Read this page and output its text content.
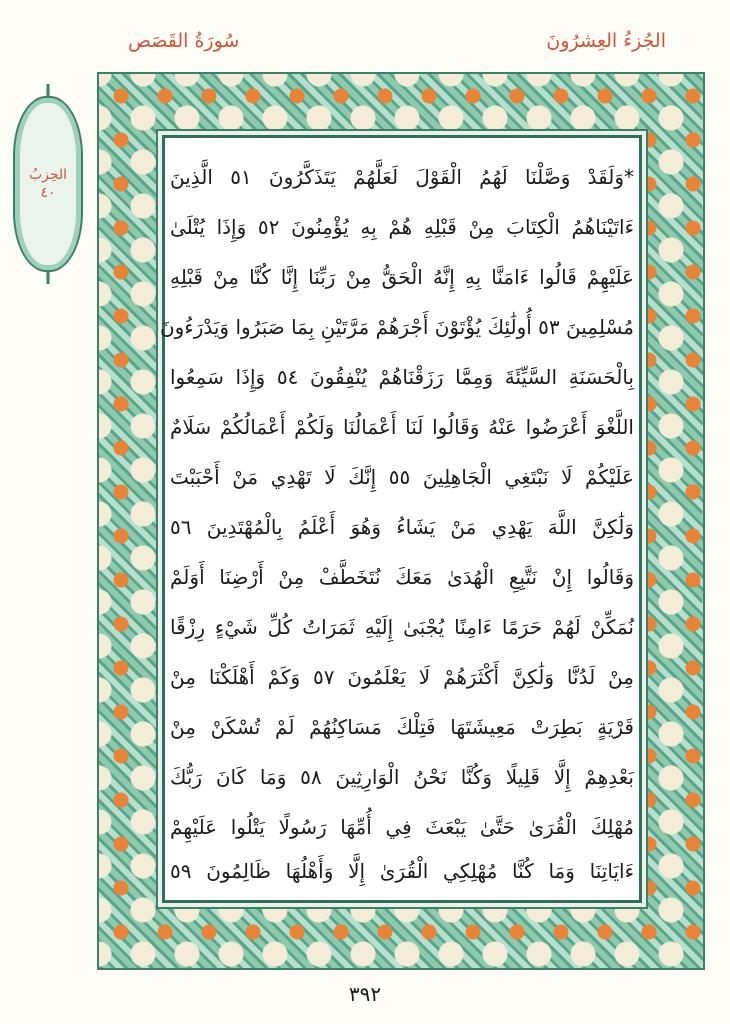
الجُزءُ العِشرُونَ
سُورَةُ القَصَص
الحِزبُ
٤٠
*وَلَقَدْ وَصَّلْنَا لَهُمُ الْقَوْلَ لَعَلَّهُمْ يَتَذَكَّرُونَ ٥١ الَّذِينَ
ءَاتَيْنَاهُمُ الْكِتَابَ مِنْ قَبْلِهِ هُمْ بِهِ يُؤْمِنُونَ ٥٢ وَإِذَا يُتْلَىٰ
عَلَيْهِمْ قَالُوا ءَامَنَّا بِهِ إِنَّهُ الْحَقُّ مِنْ رَبِّنَا إِنَّا كُنَّا مِنْ قَبْلِهِ
مُسْلِمِينَ ٥٣ أُولَٰئِكَ يُؤْتَوْنَ أَجْرَهُمْ مَرَّتَيْنِ بِمَا صَبَرُوا وَيَدْرَءُونَ
بِالْحَسَنَةِ السَّيِّئَةَ وَمِمَّا رَزَقْنَاهُمْ يُنْفِقُونَ ٥٤ وَإِذَا سَمِعُوا
اللَّغْوَ أَعْرَضُوا عَنْهُ وَقَالُوا لَنَا أَعْمَالُنَا وَلَكُمْ أَعْمَالُكُمْ سَلَامٌ
عَلَيْكُمْ لَا نَبْتَغِي الْجَاهِلِينَ ٥٥ إِنَّكَ لَا تَهْدِي مَنْ أَحْبَبْتَ
وَلَٰكِنَّ اللَّهَ يَهْدِي مَنْ يَشَاءُ وَهُوَ أَعْلَمُ بِالْمُهْتَدِينَ ٥٦
وَقَالُوا إِنْ نَتَّبِعِ الْهُدَىٰ مَعَكَ نُتَخَطَّفْ مِنْ أَرْضِنَا أَوَلَمْ
نُمَكِّنْ لَهُمْ حَرَمًا ءَامِنًا يُجْبَىٰ إِلَيْهِ ثَمَرَاتُ كُلِّ شَيْءٍ رِزْقًا
مِنْ لَدُنَّا وَلَٰكِنَّ أَكْثَرَهُمْ لَا يَعْلَمُونَ ٥٧ وَكَمْ أَهْلَكْنَا مِنْ
قَرْيَةٍ بَطِرَتْ مَعِيشَتَهَا فَتِلْكَ مَسَاكِنُهُمْ لَمْ تُسْكَنْ مِنْ
بَعْدِهِمْ إِلَّا قَلِيلًا وَكُنَّا نَحْنُ الْوَارِثِينَ ٥٨ وَمَا كَانَ رَبُّكَ
مُهْلِكَ الْقُرَىٰ حَتَّىٰ يَبْعَثَ فِي أُمِّهَا رَسُولًا يَتْلُوا عَلَيْهِمْ
ءَايَاتِنَا وَمَا كُنَّا مُهْلِكِي الْقُرَىٰ إِلَّا وَأَهْلُهَا ظَالِمُونَ ٥٩
٣٩٢
